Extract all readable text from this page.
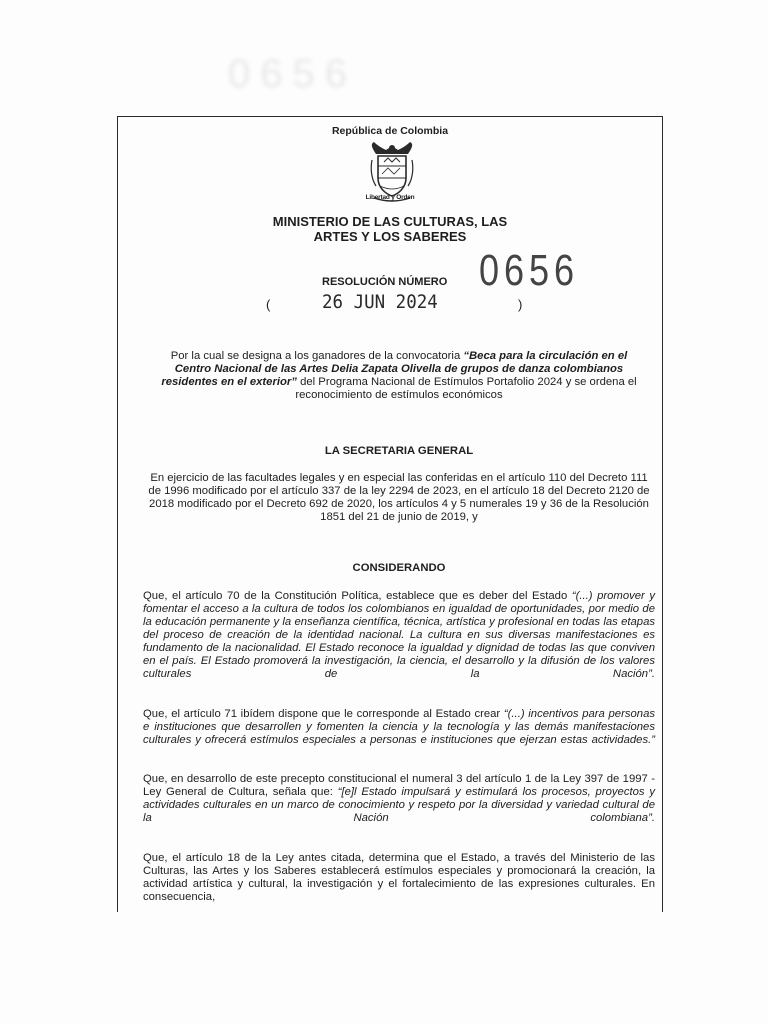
0656
República de Colombia
Libertad y Orden
MINISTERIO DE LAS CULTURAS, LAS
ARTES Y LOS SABERES
RESOLUCIÓN NÚMERO 0656
(	26 JUN 2024	)
Por la cual se designa a los ganadores de la convocatoria “Beca para la circulación en el Centro Nacional de las Artes Delia Zapata Olivella de grupos de danza colombianos residentes en el exterior” del Programa Nacional de Estímulos Portafolio 2024 y se ordena el reconocimiento de estímulos económicos
LA SECRETARIA GENERAL
En ejercicio de las facultades legales y en especial las conferidas en el artículo 110 del Decreto 111 de 1996 modificado por el artículo 337 de la ley 2294 de 2023, en el artículo 18 del Decreto 2120 de 2018 modificado por el Decreto 692 de 2020, los artículos 4 y 5 numerales 19 y 36 de la Resolución 1851 del 21 de junio de 2019, y
CONSIDERANDO
Que, el artículo 70 de la Constitución Política, establece que es deber del Estado “(...) promover y fomentar el acceso a la cultura de todos los colombianos en igualdad de oportunidades, por medio de la educación permanente y la enseñanza científica, técnica, artística y profesional en todas las etapas del proceso de creación de la identidad nacional. La cultura en sus diversas manifestaciones es fundamento de la nacionalidad. El Estado reconoce la igualdad y dignidad de todas las que conviven en el país. El Estado promoverá la investigación, la ciencia, el desarrollo y la difusión de los valores culturales de la Nación”.
Que, el artículo 71 ibídem dispone que le corresponde al Estado crear “(...) incentivos para personas e instituciones que desarrollen y fomenten la ciencia y la tecnología y las demás manifestaciones culturales y ofrecerá estímulos especiales a personas e instituciones que ejerzan estas actividades.”
Que, en desarrollo de este precepto constitucional el numeral 3 del artículo 1 de la Ley 397 de 1997 - Ley General de Cultura, señala que: “[e]l Estado impulsará y estimulará los procesos, proyectos y actividades culturales en un marco de conocimiento y respeto por la diversidad y variedad cultural de la Nación colombiana”.
Que, el artículo 18 de la Ley antes citada, determina que el Estado, a través del Ministerio de las Culturas, las Artes y los Saberes establecerá estímulos especiales y promocionará la creación, la actividad artística y cultural, la investigación y el fortalecimiento de las expresiones culturales. En consecuencia,
